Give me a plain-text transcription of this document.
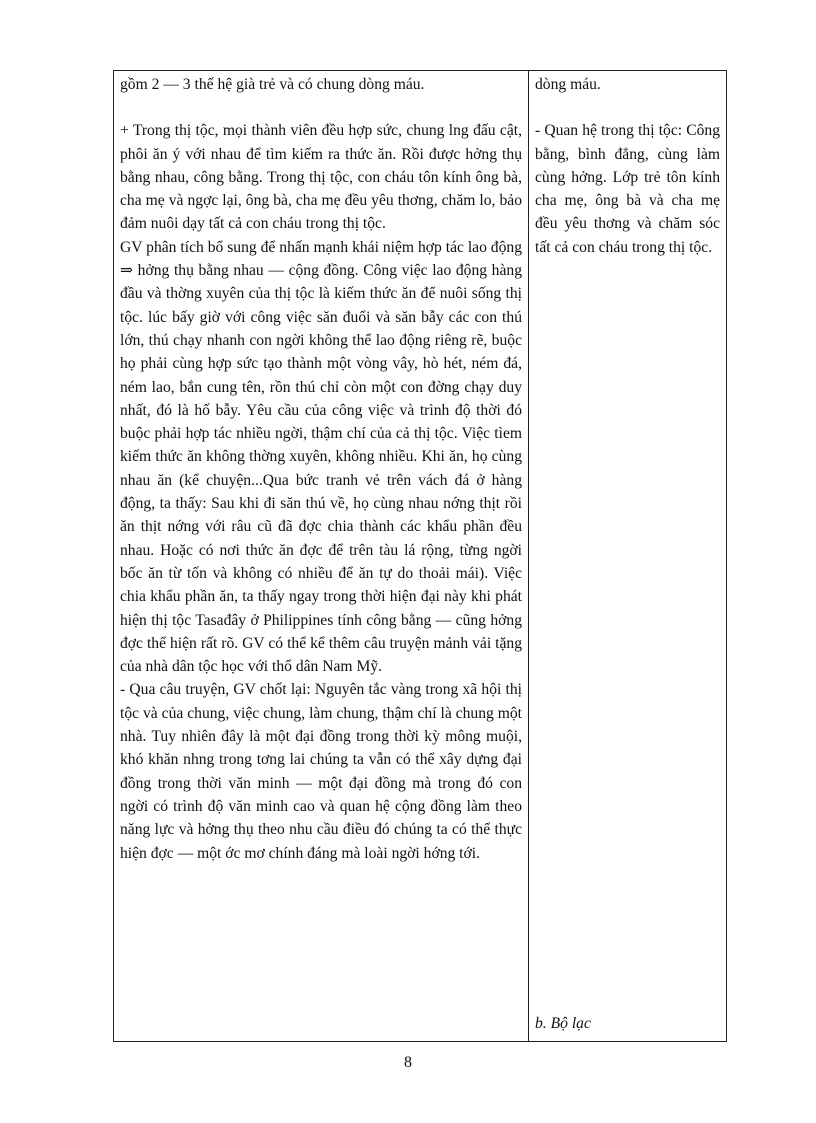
gồm 2 — 3 thế hệ già trẻ và có chung dòng máu.

+ Trong thị tộc, mọi thành viên đều hợp sức, chung lng đấu cật, phôi ăn ý với nhau để tìm kiếm ra thức ăn. Rồi được hởng thụ bằng nhau, công bằng. Trong thị tộc, con cháu tôn kính ông bà, cha mẹ và ngợc lại, ông bà, cha mẹ đều yêu thơng, chăm lo, bảo đảm nuôi dạy tất cả con cháu trong thị tộc.

GV phân tích bổ sung để nhấn mạnh khái niệm hợp tác lao động ⇒ hởng thụ bằng nhau — cộng đồng. Công việc lao động hàng đầu và thờng xuyên của thị tộc là kiếm thức ăn để nuôi sống thị tộc. lúc bấy giờ với công việc săn đuổi và săn bẫy các con thú lớn, thú chạy nhanh con ngời không thể lao động riêng rẽ, buộc họ phải cùng hợp sức tạo thành một vòng vây, hò hét, ném đá, ném lao, bắn cung tên, rồn thú chỉ còn một con đờng chạy duy nhất, đó là hố bẫy. Yêu cầu của công việc và trình độ thời đó buộc phải hợp tác nhiều ngời, thậm chí của cả thị tộc. Việc tìem kiếm thức ăn không thờng xuyên, không nhiều. Khi ăn, họ cùng nhau ăn (kể chuyện...Qua bức tranh vẻ trên vách đá ở hàng động, ta thấy: Sau khi đi săn thú về, họ cùng nhau nớng thịt rồi ăn thịt nớng với râu cũ đã đợc chia thành các khẩu phần đều nhau. Hoặc có nơi thức ăn đợc để trên tàu lá rộng, từng ngời bốc ăn từ tốn và không có nhiều để ăn tự do thoải mái). Việc chia khẩu phần ăn, ta thấy ngay trong thời hiện đại này khi phát hiện thị tộc Tasađây ở Philippines tính công bằng — cũng hởng đợc thể hiện rất rõ. GV có thể kể thêm câu truyện mảnh vải tặng của nhà dân tộc học với thổ dân Nam Mỹ.

- Qua câu truyện, GV chốt lại: Nguyên tắc vàng trong xã hội thị tộc và của chung, việc chung, làm chung, thậm chí là chung một nhà. Tuy nhiên đây là một đại đồng trong thời kỳ mông muội, khó khăn nhng trong tơng lai chúng ta vẫn có thể xây dựng đại đồng trong thời văn minh — một đại đồng mà trong đó con ngời có trình độ văn minh cao và quan hệ cộng đồng làm theo năng lực và hởng thụ theo nhu cầu điều đó chúng ta có thể thực hiện đợc — một ớc mơ chính đáng mà loài ngời hớng tới.

dòng máu.

- Quan hệ trong thị tộc: Công bằng, bình đẳng, cùng làm cùng hởng. Lớp trẻ tôn kính cha mẹ, ông bà và cha mẹ đều yêu thơng và chăm sóc tất cả con cháu trong thị tộc.

b. Bộ lạc

8
